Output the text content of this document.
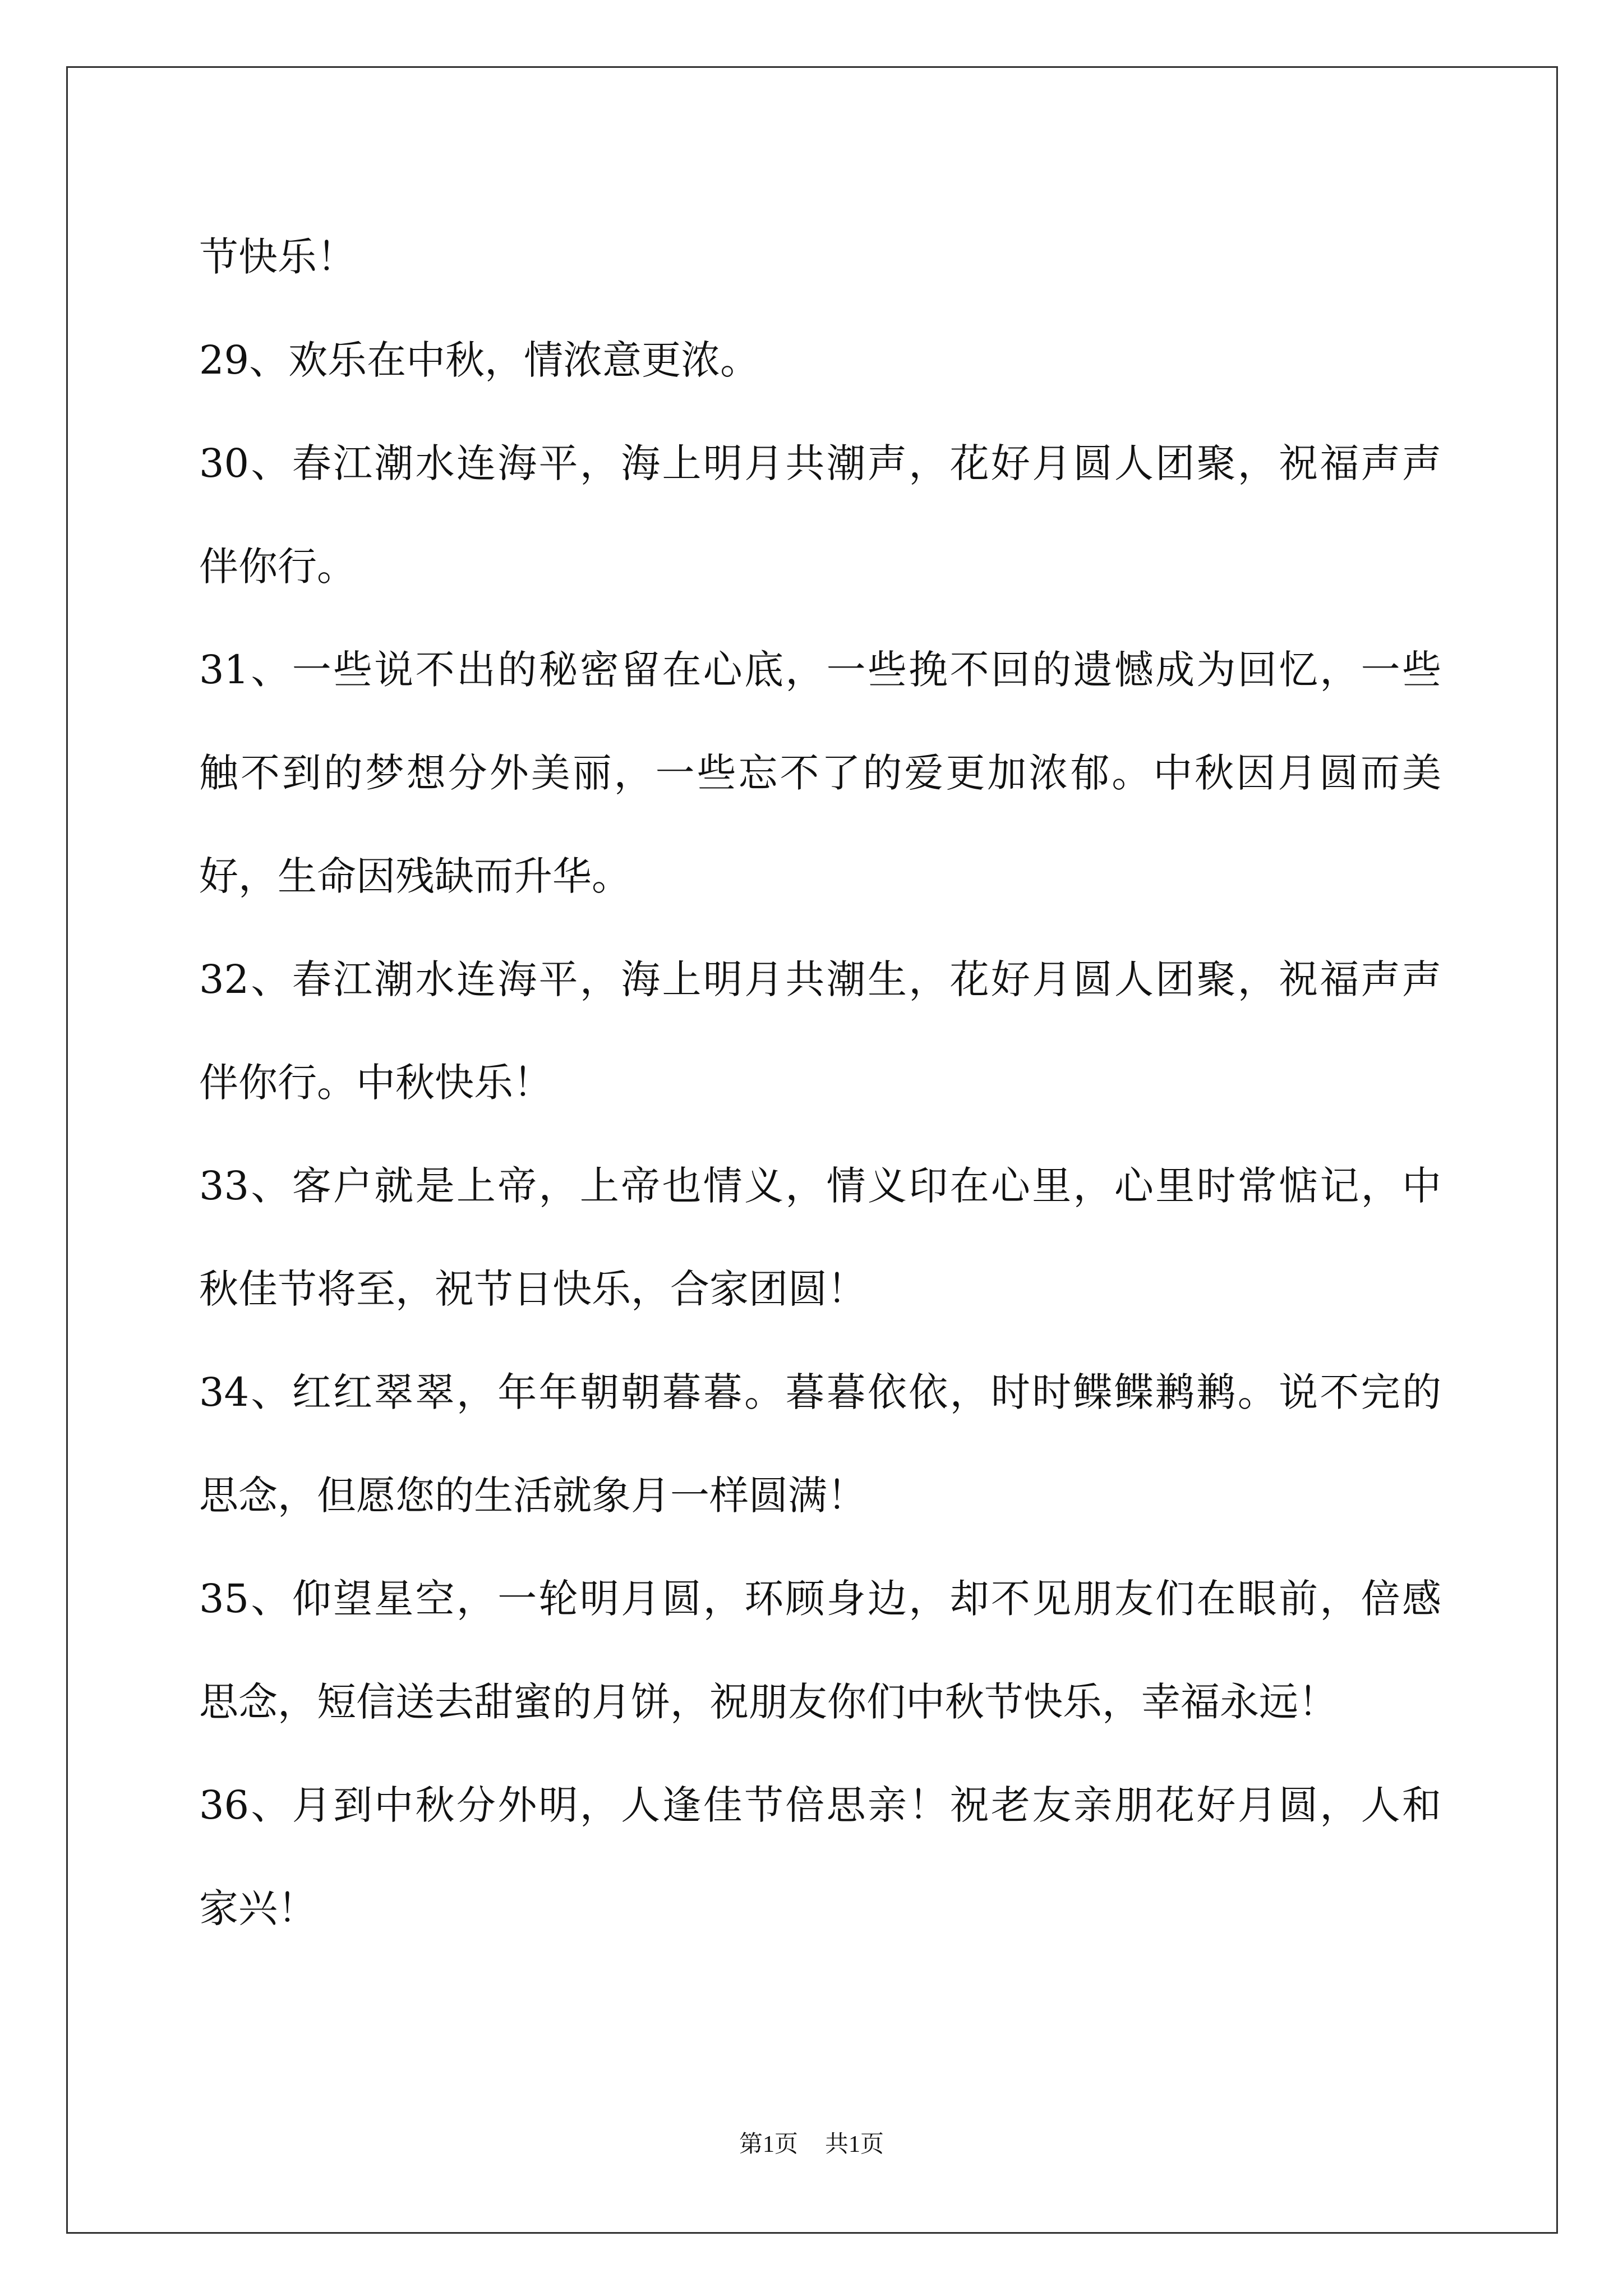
节快乐！
29、欢乐在中秋，情浓意更浓。
30、春江潮水连海平，海上明月共潮声，花好月圆人团聚，祝福声声
伴你行。
31、一些说不出的秘密留在心底，一些挽不回的遗憾成为回忆，一些
触不到的梦想分外美丽，一些忘不了的爱更加浓郁。中秋因月圆而美
好，生命因残缺而升华。
32、春江潮水连海平，海上明月共潮生，花好月圆人团聚，祝福声声
伴你行。中秋快乐！
33、客户就是上帝，上帝也情义，情义印在心里，心里时常惦记，中
秋佳节将至，祝节日快乐，合家团圆！
34、红红翠翠，年年朝朝暮暮。暮暮依依，时时鲽鲽鹣鹣。说不完的
思念，但愿您的生活就象月一样圆满！
35、仰望星空，一轮明月圆，环顾身边，却不见朋友们在眼前，倍感
思念，短信送去甜蜜的月饼，祝朋友你们中秋节快乐，幸福永远！
36、月到中秋分外明，人逢佳节倍思亲！祝老友亲朋花好月圆，人和
家兴！
第1页 共1页
